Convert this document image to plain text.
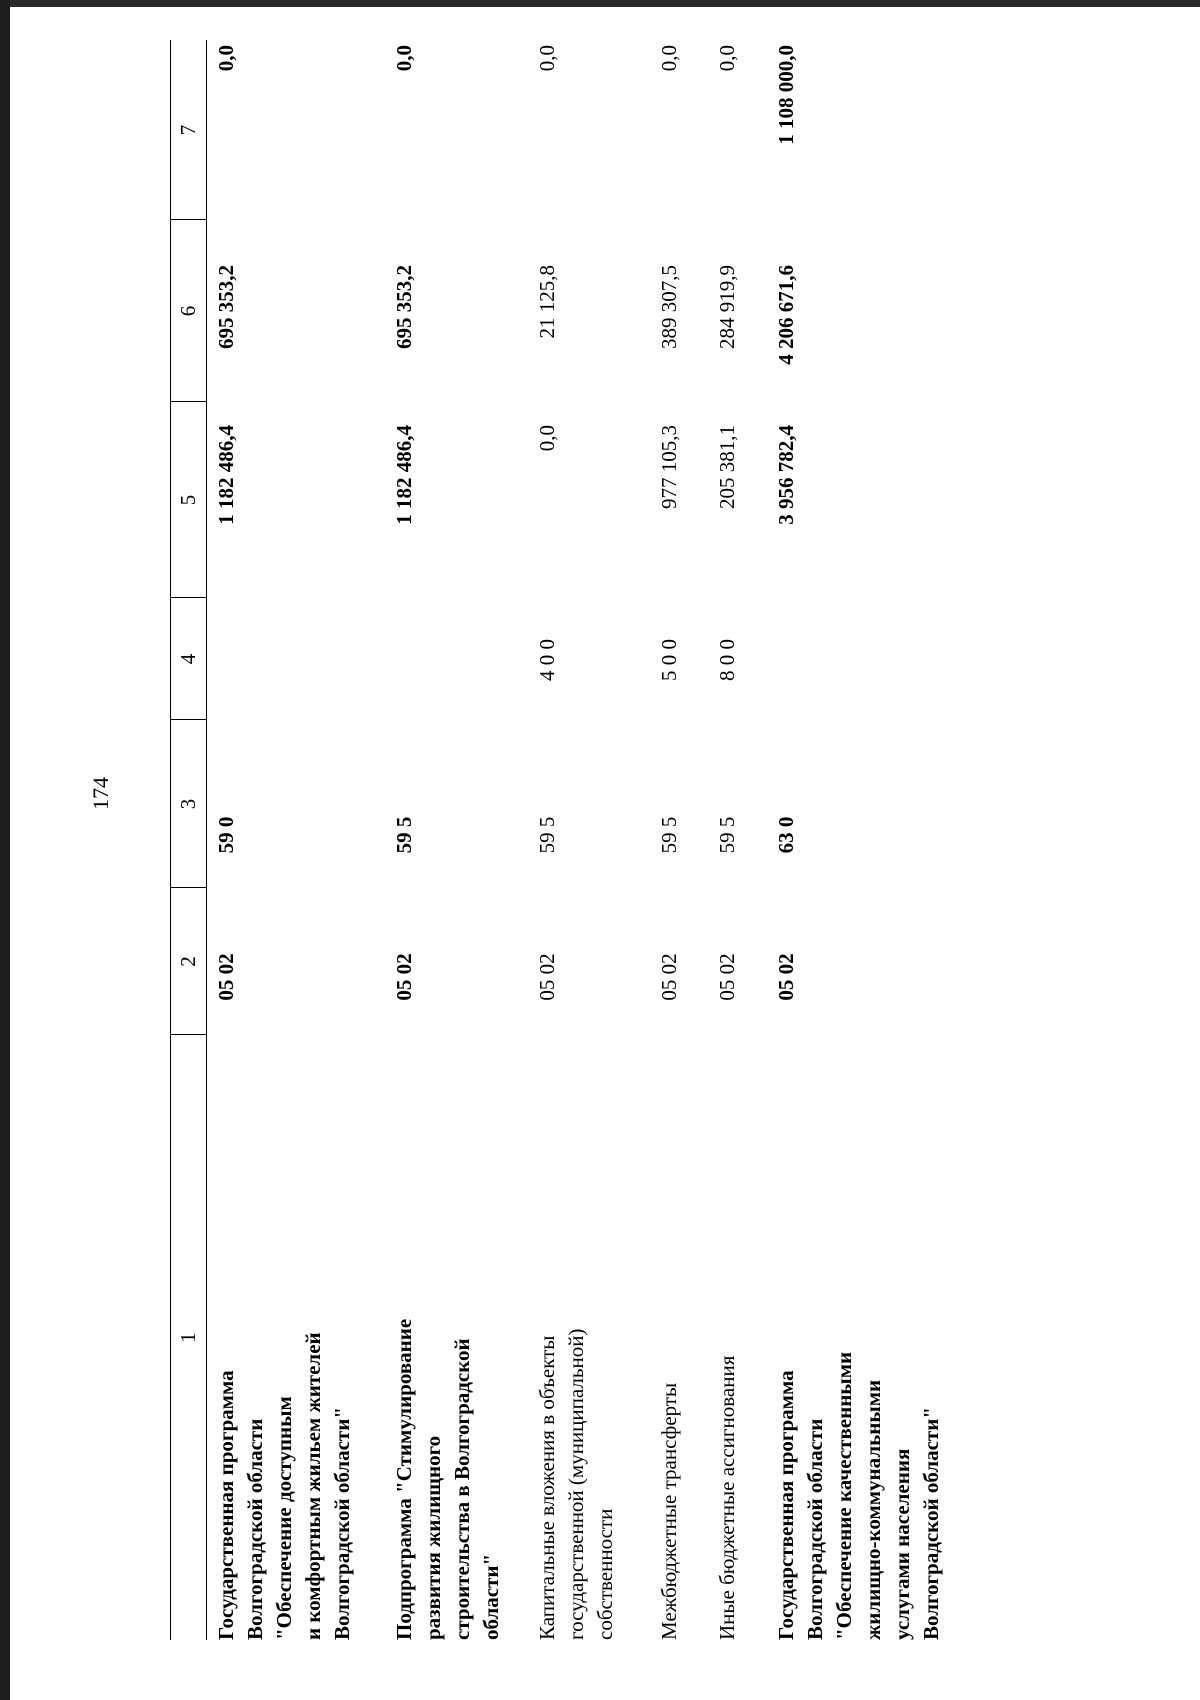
174
1
2
3
4
5
6
7
Государственная программа Волгоградской области "Обеспечение доступным и комфортным жильем жителей Волгоградской области"
05 02
59 0
1 182 486,4
695 353,2
0,0
Подпрограмма "Стимулирование развития жилищного строительства в Волгоградской области"
05 02
59 5
1 182 486,4
695 353,2
0,0
Капитальные вложения в объекты государственной (муниципальной) собственности
05 02
59 5
4 0 0
0,0
21 125,8
0,0
Межбюджетные трансферты
05 02
59 5
5 0 0
977 105,3
389 307,5
0,0
Иные бюджетные ассигнования
05 02
59 5
8 0 0
205 381,1
284 919,9
0,0
Государственная программа Волгоградской области "Обеспечение качественными жилищно-коммунальными услугами населения Волгоградской области"
05 02
63 0
3 956 782,4
4 206 671,6
1 108 000,0
